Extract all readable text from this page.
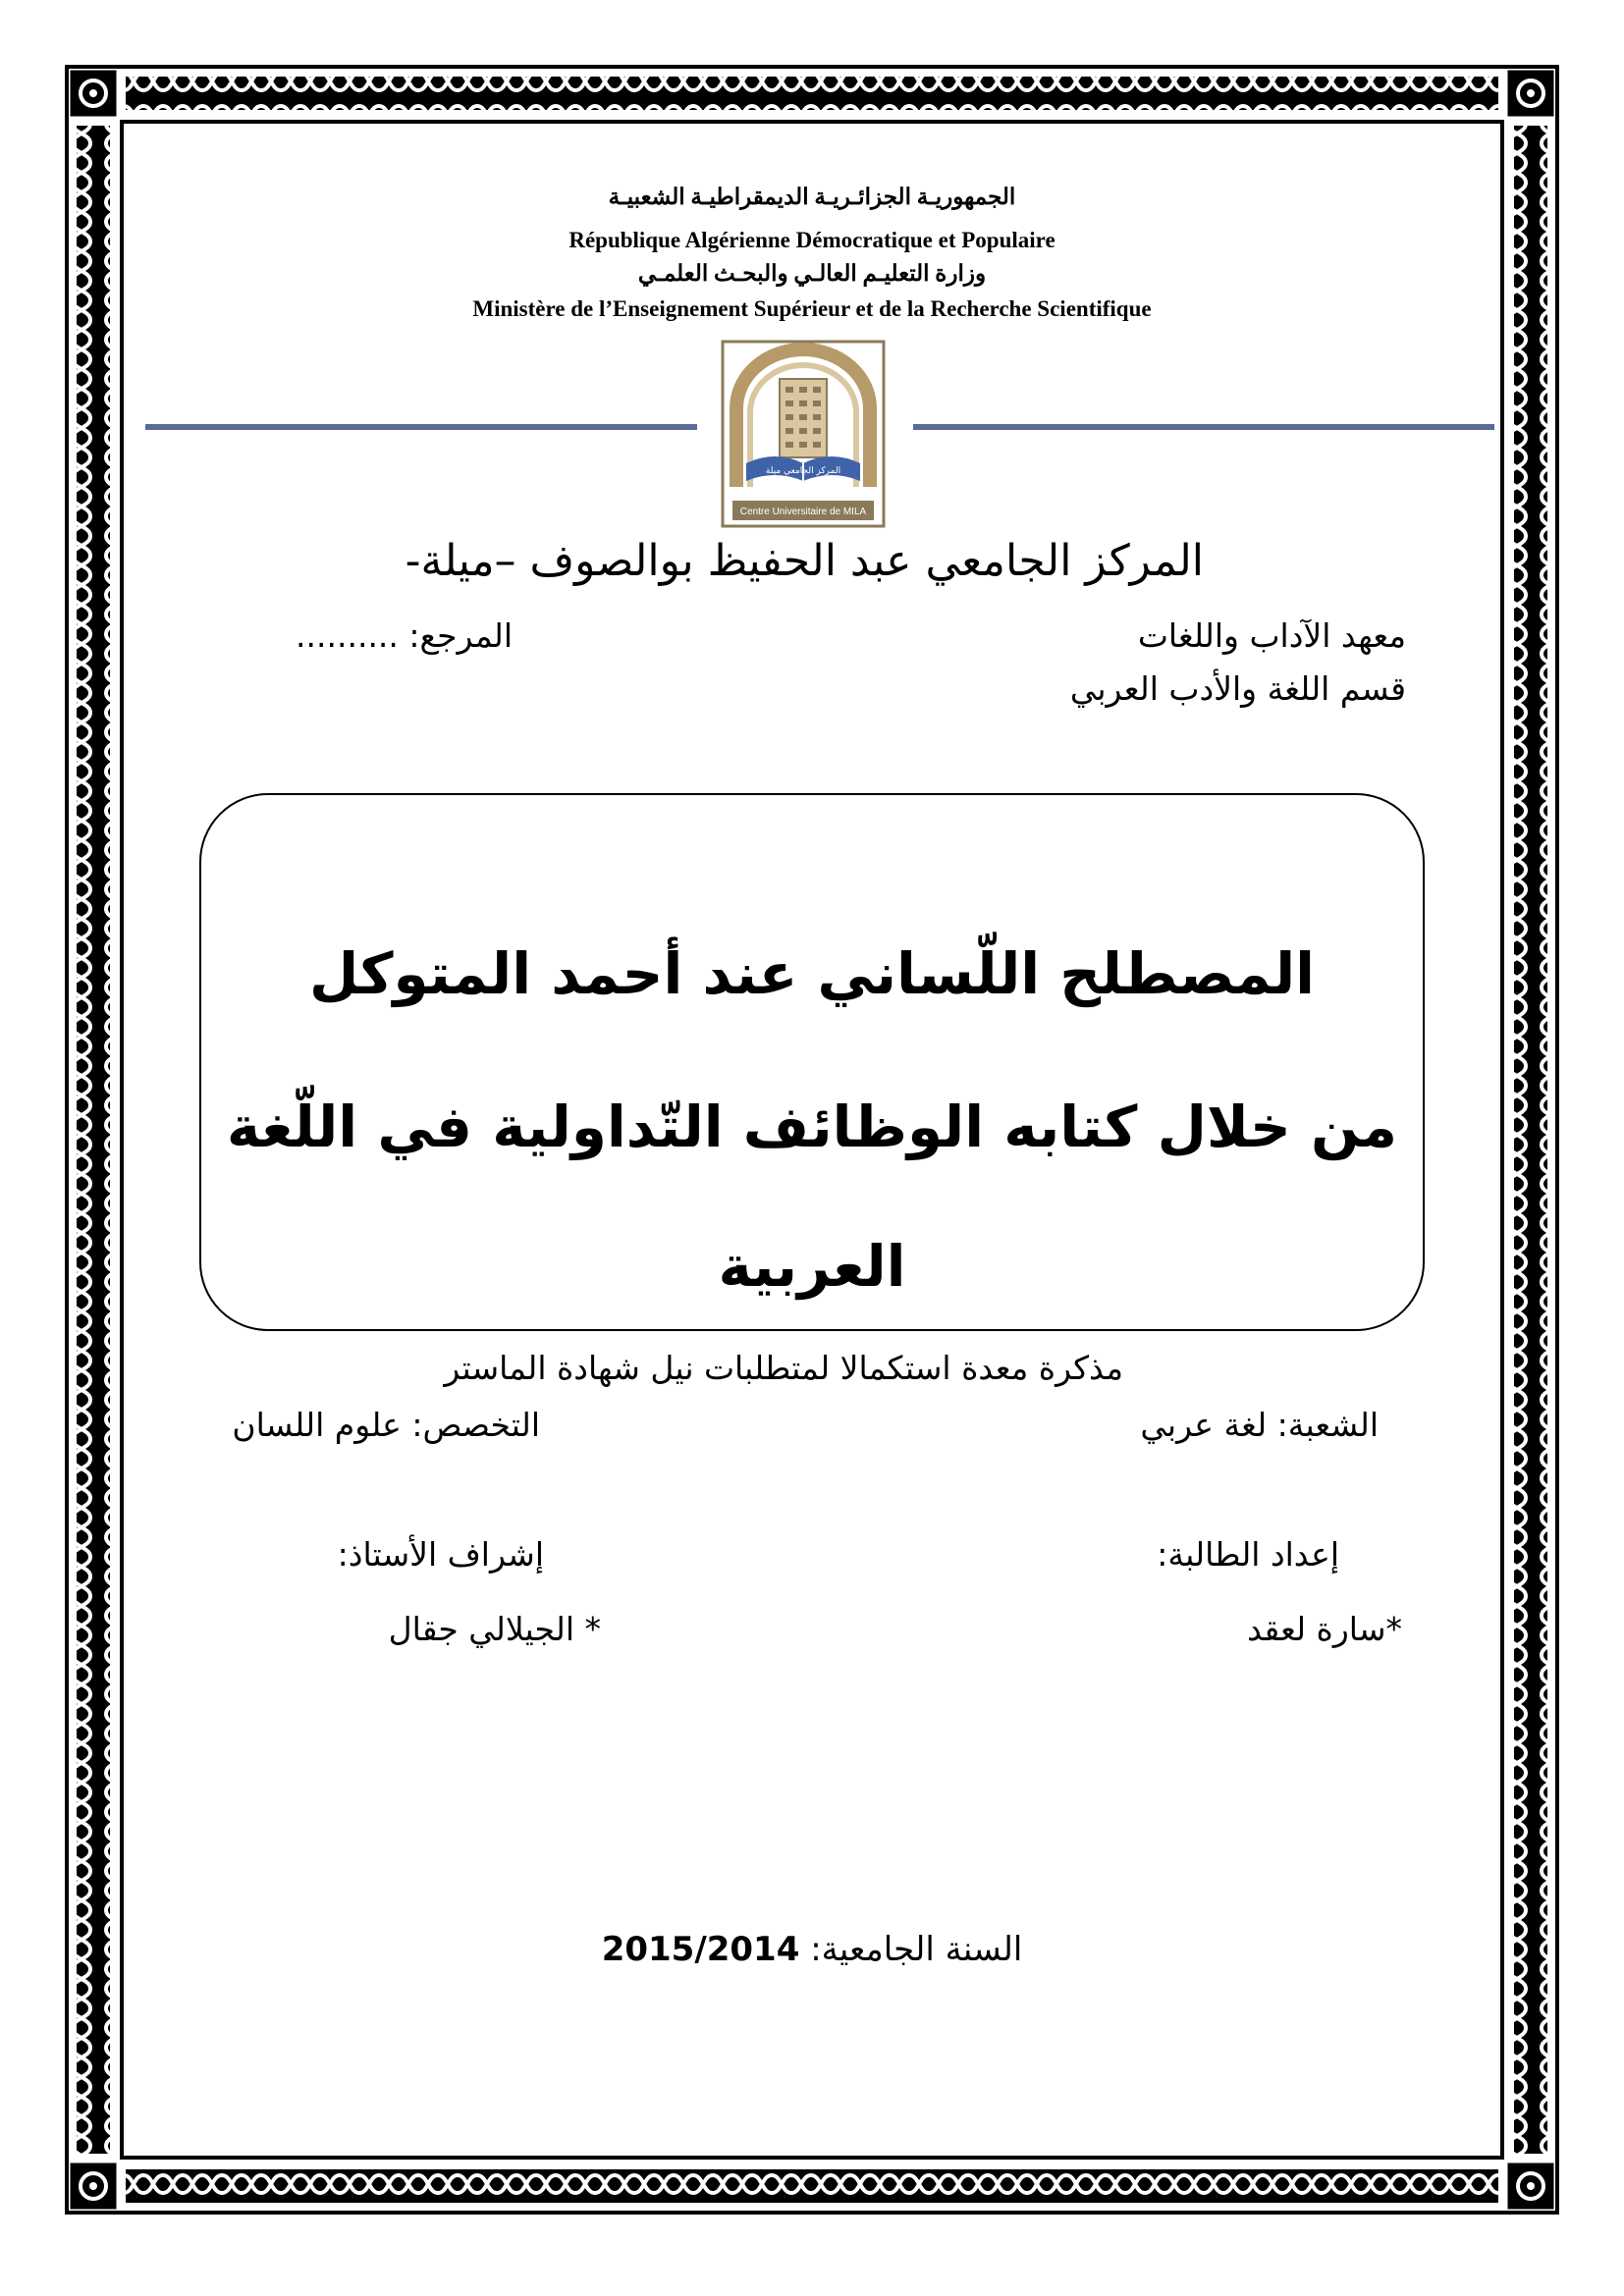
الجمهوريـة الجزائـريـة الديمقراطيـة الشعبيـة
République Algérienne Démocratique et Populaire
وزارة التعليـم العالـي والبحـث العلمـي
Ministère de l’Enseignement Supérieur et de la Recherche Scientifique
المركز الجامعي ميلة
Centre Universitaire de MILA
المركز الجامعي عبد الحفيظ بوالصوف –ميلة-
معهد الآداب واللغات
المرجع: ..........
قسم اللغة والأدب العربي
المصطلح اللّساني عند أحمد المتوكل
من خلال كتابه الوظائف التّداولية في اللّغة
العربية
مذكرة معدة استكمالا لمتطلبات نيل شهادة الماستر
الشعبة: لغة عربي
التخصص: علوم اللسان
إعداد الطالبة:
إشراف الأستاذ:
*سارة لعقد
* الجيلالي جقال
السنة الجامعية: 2015/2014
